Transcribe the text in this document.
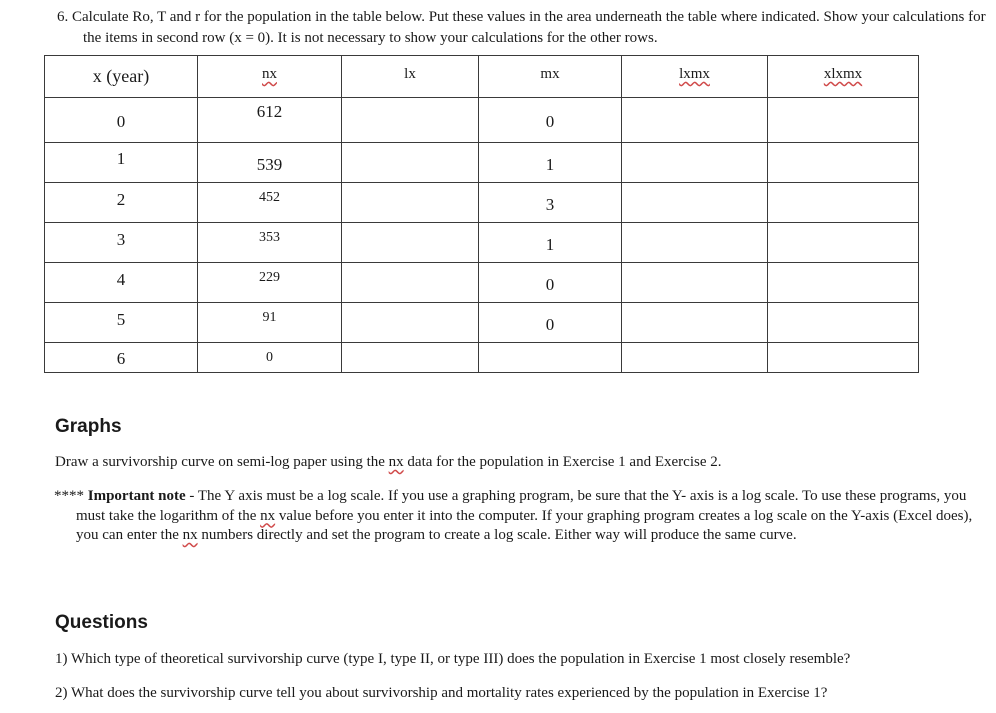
6. Calculate Ro, T and r for the population in the table below. Put these values in the area underneath the table where indicated. Show your calculations for the items in second row (x = 0). It is not necessary to show your calculations for the other rows.
x (year)	nx	lx	mx	lxmx	xlxmx

0	612		0		

1	539		1		

2	452		3		

3	353		1		

4	229		0		

5	91		0		

6	0				

Graphs
Draw a survivorship curve on semi-log paper using the nx data for the population in Exercise 1 and Exercise 2.
**** Important note - The Y axis must be a log scale. If you use a graphing program, be sure that the Y- axis is a log scale. To use these programs, you must take the logarithm of the nx value before you enter it into the computer. If your graphing program creates a log scale on the Y-axis (Excel does), you can enter the nx numbers directly and set the program to create a log scale. Either way will produce the same curve.
Questions
1) Which type of theoretical survivorship curve (type I, type II, or type III) does the population in Exercise 1 most closely resemble?
2) What does the survivorship curve tell you about survivorship and mortality rates experienced by the population in Exercise 1?
